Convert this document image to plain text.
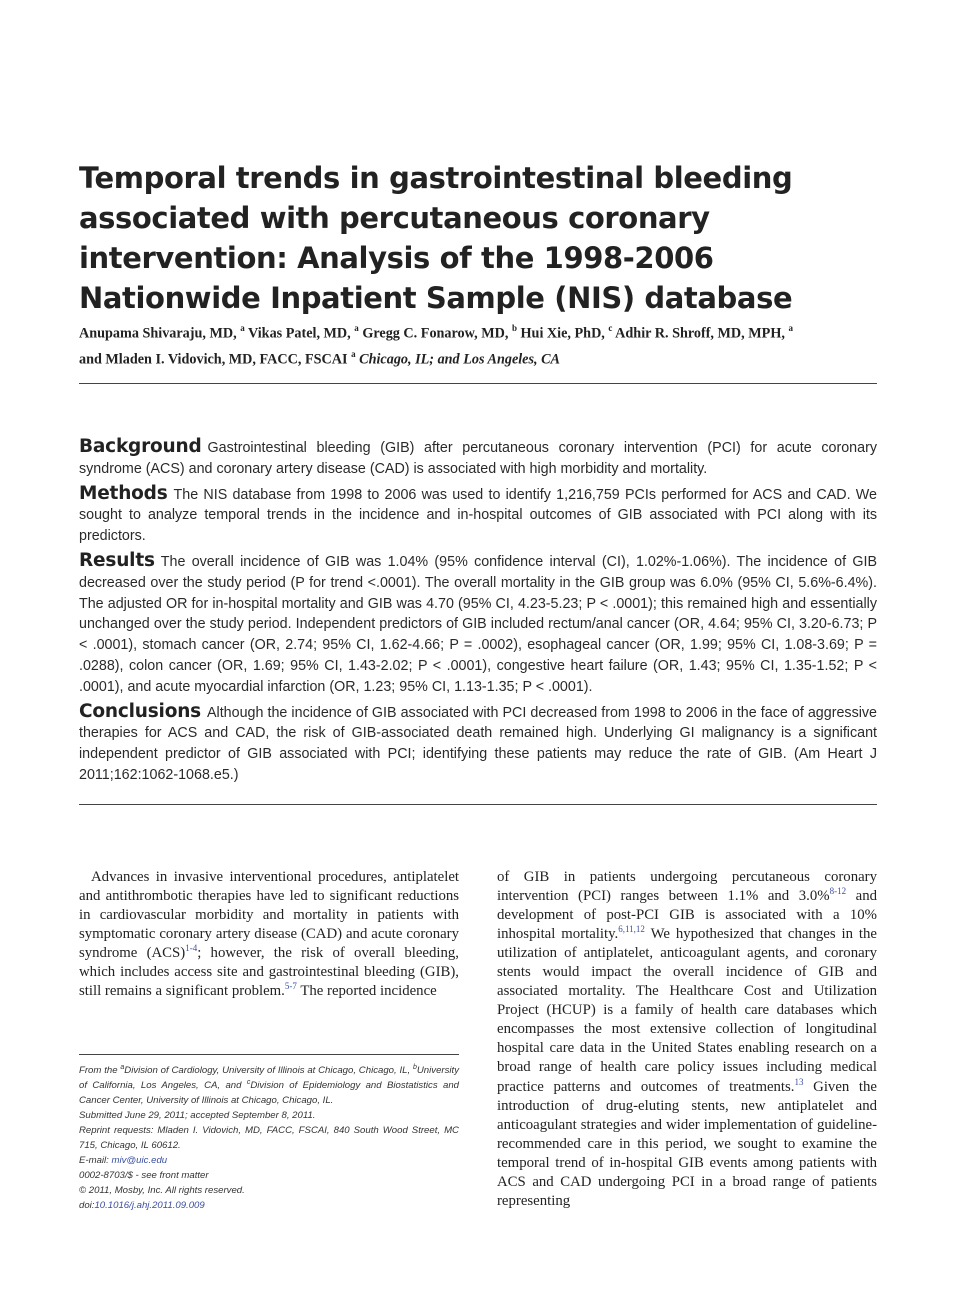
Temporal trends in gastrointestinal bleeding associated with percutaneous coronary intervention: Analysis of the 1998-2006 Nationwide Inpatient Sample (NIS) database
Anupama Shivaraju, MD, $^a$ Vikas Patel, MD, $^a$ Gregg C. Fonarow, MD, $^b$ Hui Xie, PhD, $^c$ Adhir R. Shroff, MD, MPH, $^a$
and Mladen I. Vidovich, MD, FACC, FSCAI $^a$ Chicago, IL; and Los Angeles, CA

Background Gastrointestinal bleeding (GIB) after percutaneous coronary intervention (PCI) for acute coronary syndrome (ACS) and coronary artery disease (CAD) is associated with high morbidity and mortality.

Methods The NIS database from 1998 to 2006 was used to identify 1,216,759 PCIs performed for ACS and CAD. We sought to analyze temporal trends in the incidence and in-hospital outcomes of GIB associated with PCI along with its predictors.

Results The overall incidence of GIB was 1.04% (95% confidence interval (CI), 1.02%-1.06%). The incidence of GIB decreased over the study period (P for trend <.0001). The overall mortality in the GIB group was 6.0% (95% CI, 5.6%-6.4%). The adjusted OR for in-hospital mortality and GIB was 4.70 (95% CI, 4.23-5.23; P < .0001); this remained high and essentially unchanged over the study period. Independent predictors of GIB included rectum/anal cancer (OR, 4.64; 95% CI, 3.20-6.73; P < .0001), stomach cancer (OR, 2.74; 95% CI, 1.62-4.66; P = .0002), esophageal cancer (OR, 1.99; 95% CI, 1.08-3.69; P = .0288), colon cancer (OR, 1.69; 95% CI, 1.43-2.02; P < .0001), congestive heart failure (OR, 1.43; 95% CI, 1.35-1.52; P < .0001), and acute myocardial infarction (OR, 1.23; 95% CI, 1.13-1.35; P < .0001).

Conclusions Although the incidence of GIB associated with PCI decreased from 1998 to 2006 in the face of aggressive therapies for ACS and CAD, the risk of GIB-associated death remained high. Underlying GI malignancy is a significant independent predictor of GIB associated with PCI; identifying these patients may reduce the rate of GIB. (Am Heart J 2011;162:1062-1068.e5.)

Advances in invasive interventional procedures, antiplatelet and antithrombotic therapies have led to significant reductions in cardiovascular morbidity and mortality in patients with symptomatic coronary artery disease (CAD) and acute coronary syndrome (ACS)$^{1-4}$; however, the risk of overall bleeding, which includes access site and gastrointestinal bleeding (GIB), still remains a significant problem.$^{5-7}$ The reported incidence
From the $^a$Division of Cardiology, University of Illinois at Chicago, Chicago, IL, $^b$University of California, Los Angeles, CA, and $^c$Division of Epidemiology and Biostatistics and Cancer Center, University of Illinois at Chicago, Chicago, IL.
Submitted June 29, 2011; accepted September 8, 2011.
Reprint requests: Mladen I. Vidovich, MD, FACC, FSCAI, 840 South Wood Street, MC 715, Chicago, IL 60612.
E-mail: miv@uic.edu
0002-8703/$ - see front matter
© 2011, Mosby, Inc. All rights reserved.
doi:10.1016/j.ahj.2011.09.009
of GIB in patients undergoing percutaneous coronary intervention (PCI) ranges between 1.1% and 3.0%$^{8-12}$ and development of post-PCI GIB is associated with a 10% inhospital mortality.$^{6,11,12}$ We hypothesized that changes in the utilization of antiplatelet, anticoagulant agents, and coronary stents would impact the overall incidence of GIB and associated mortality. The Healthcare Cost and Utilization Project (HCUP) is a family of health care databases which encompasses the most extensive collection of longitudinal hospital care data in the United States enabling research on a broad range of health care policy issues including medical practice patterns and outcomes of treatments.$^{13}$ Given the introduction of drug-eluting stents, new antiplatelet and anticoagulant strategies and wider implementation of guideline-recommended care in this period, we sought to examine the temporal trend of in-hospital GIB events among patients with ACS and CAD undergoing PCI in a broad range of patients representing
